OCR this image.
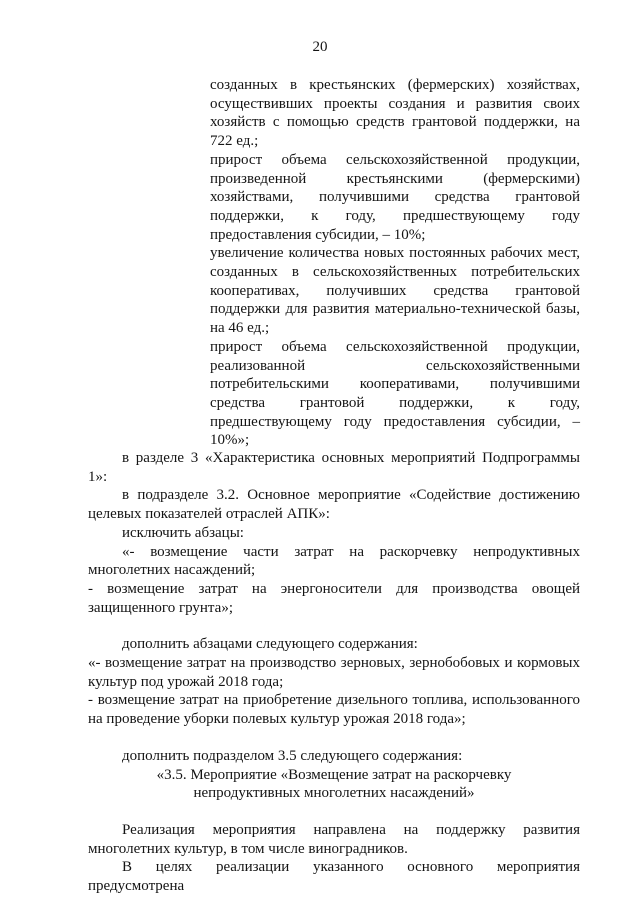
20

созданных в крестьянских (фермерских) хозяйствах, осуществивших проекты создания и развития своих хозяйств с помощью средств грантовой поддержки, на 722 ед.;

прирост объема сельскохозяйственной продукции, произведенной крестьянскими (фермерскими) хозяйствами, получившими средства грантовой поддержки, к году, предшествующему году предоставления субсидии, – 10%;

увеличение количества новых постоянных рабочих мест, созданных в сельскохозяйственных потребительских кооперативах, получивших средства грантовой поддержки для развития материально-технической базы, на 46 ед.;

прирост объема сельскохозяйственной продукции, реализованной сельскохозяйственными потребительскими кооперативами, получившими средства грантовой поддержки, к году, предшествующему году предоставления субсидии, – 10%»;

в разделе 3 «Характеристика основных мероприятий Подпрограммы 1»:

в подразделе 3.2. Основное мероприятие «Содействие достижению целевых показателей отраслей АПК»:

исключить абзацы:

«- возмещение части затрат на раскорчевку непродуктивных многолетних насаждений;

- возмещение затрат на энергоносители для производства овощей защищенного грунта»;

дополнить абзацами следующего содержания:

«- возмещение затрат на производство зерновых, зернобобовых и кормовых культур под урожай 2018 года;

- возмещение затрат на приобретение дизельного топлива, использованного на проведение уборки полевых культур урожая 2018 года»;

дополнить подразделом 3.5 следующего содержания:

«3.5. Мероприятие «Возмещение затрат на раскорчевку

непродуктивных многолетних насаждений»

Реализация мероприятия направлена на поддержку развития многолетних культур, в том числе виноградников.

В целях реализации указанного основного мероприятия предусмотрена
